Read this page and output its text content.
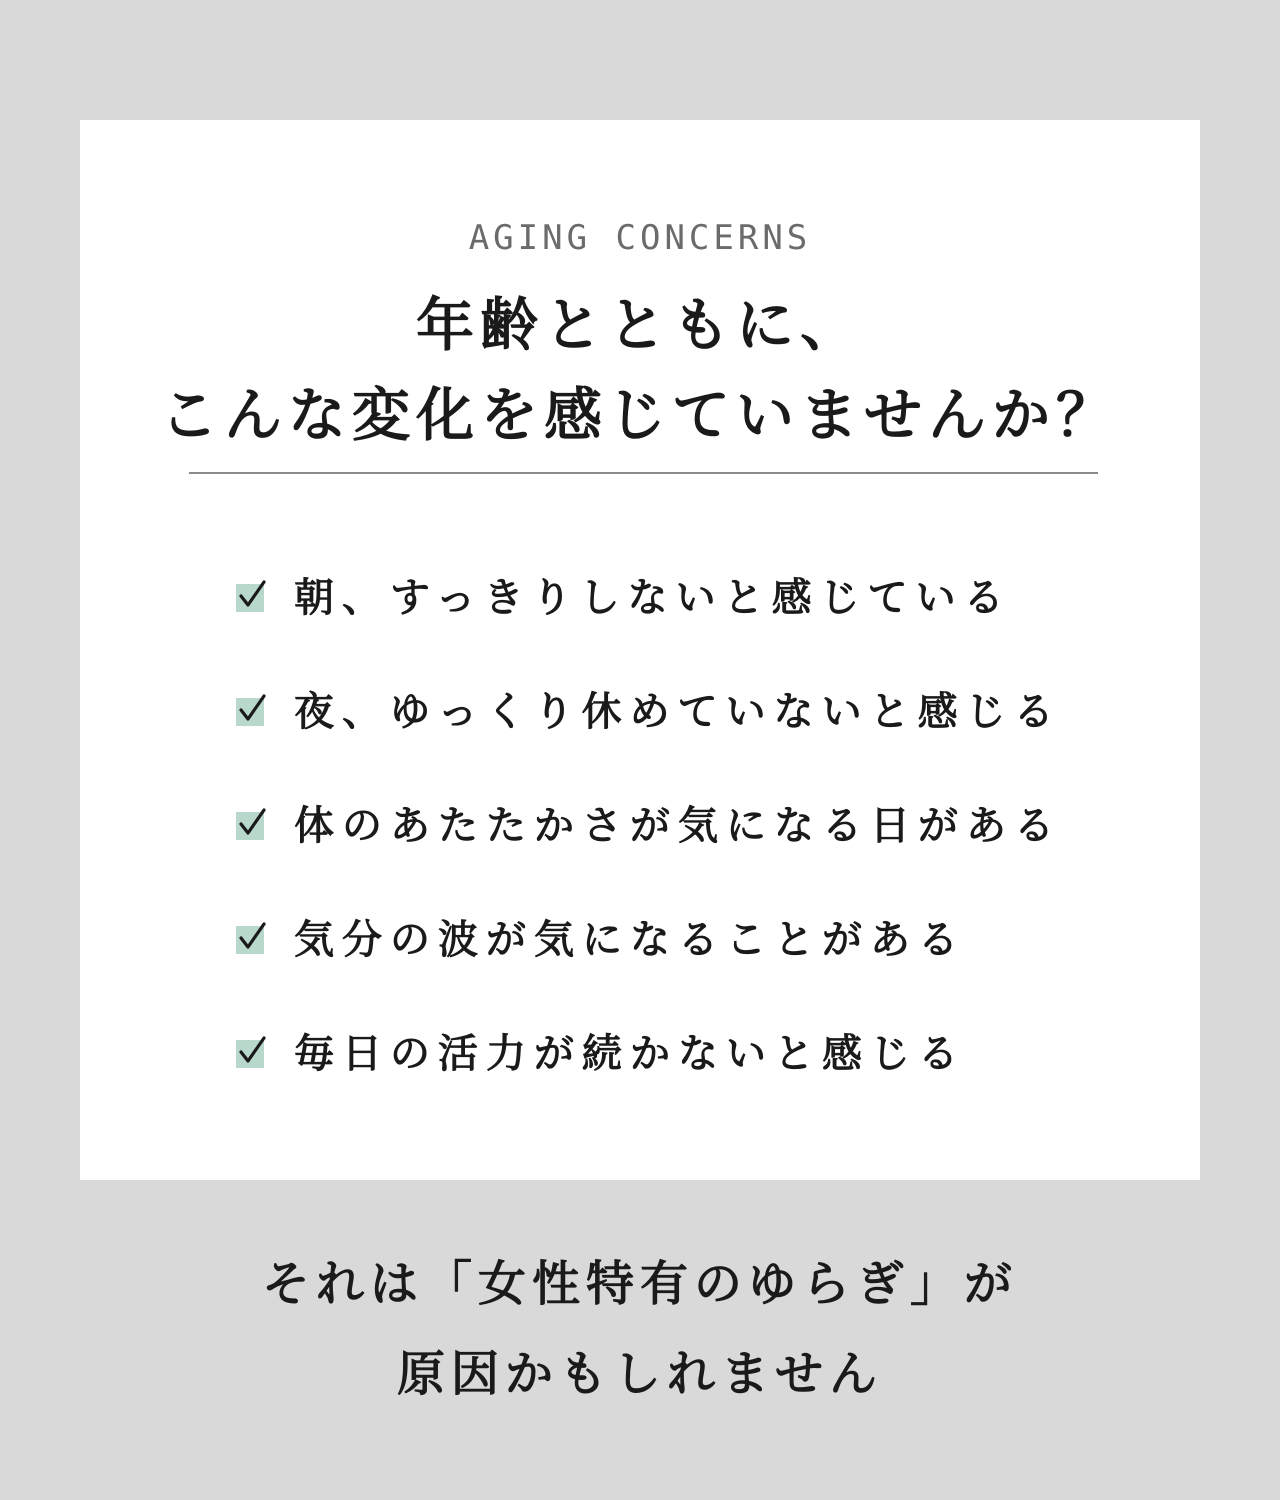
AGING CONCERNS
年齢とともに、
こんな変化を感じていませんか？
朝、すっきりしないと感じている
夜、ゆっくり休めていないと感じる
体のあたたかさが気になる日がある
気分の波が気になることがある
毎日の活力が続かないと感じる
それは「女性特有のゆらぎ」が
原因かもしれません
